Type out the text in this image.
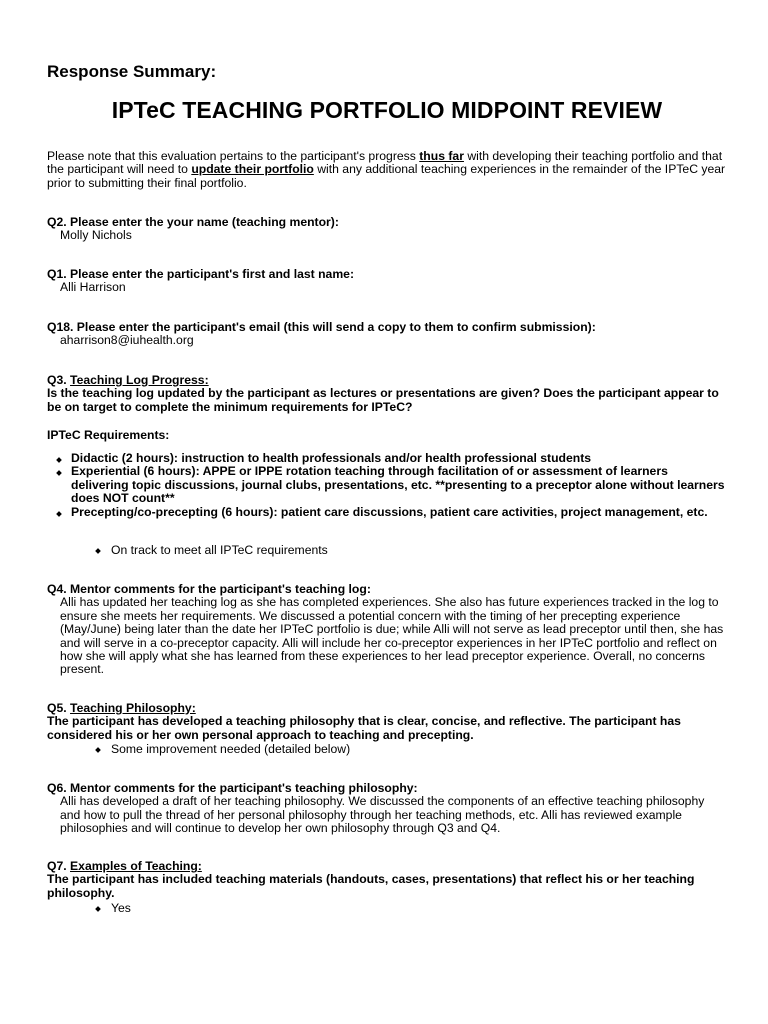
Response Summary:
IPTeC TEACHING PORTFOLIO MIDPOINT REVIEW
Please note that this evaluation pertains to the participant's progress thus far with developing their teaching portfolio and that the participant will need to update their portfolio with any additional teaching experiences in the remainder of the IPTeC year prior to submitting their final portfolio.
Q2. Please enter the your name (teaching mentor):
Molly Nichols
Q1. Please enter the participant's first and last name:
Alli Harrison
Q18. Please enter the participant's email (this will send a copy to them to confirm submission):
aharrison8@iuhealth.org
Q3. Teaching Log Progress:
Is the teaching log updated by the participant as lectures or presentations are given? Does the participant appear to be on target to complete the minimum requirements for IPTeC?
IPTeC Requirements:
Didactic (2 hours): instruction to health professionals and/or health professional students
Experiential (6 hours): APPE or IPPE rotation teaching through facilitation of or assessment of learners delivering topic discussions, journal clubs, presentations, etc. **presenting to a preceptor alone without learners does NOT count**
Precepting/co-precepting (6 hours): patient care discussions, patient care activities, project management, etc.
On track to meet all IPTeC requirements
Q4. Mentor comments for the participant's teaching log:
Alli has updated her teaching log as she has completed experiences. She also has future experiences tracked in the log to ensure she meets her requirements. We discussed a potential concern with the timing of her precepting experience (May/June) being later than the date her IPTeC portfolio is due; while Alli will not serve as lead preceptor until then, she has and will serve in a co-preceptor capacity. Alli will include her co-preceptor experiences in her IPTeC portfolio and reflect on how she will apply what she has learned from these experiences to her lead preceptor experience. Overall, no concerns present.
Q5. Teaching Philosophy:
The participant has developed a teaching philosophy that is clear, concise, and reflective. The participant has considered his or her own personal approach to teaching and precepting.
Some improvement needed (detailed below)
Q6. Mentor comments for the participant's teaching philosophy:
Alli has developed a draft of her teaching philosophy. We discussed the components of an effective teaching philosophy and how to pull the thread of her personal philosophy through her teaching methods, etc. Alli has reviewed example philosophies and will continue to develop her own philosophy through Q3 and Q4.
Q7. Examples of Teaching:
The participant has included teaching materials (handouts, cases, presentations) that reflect his or her teaching philosophy.
Yes
